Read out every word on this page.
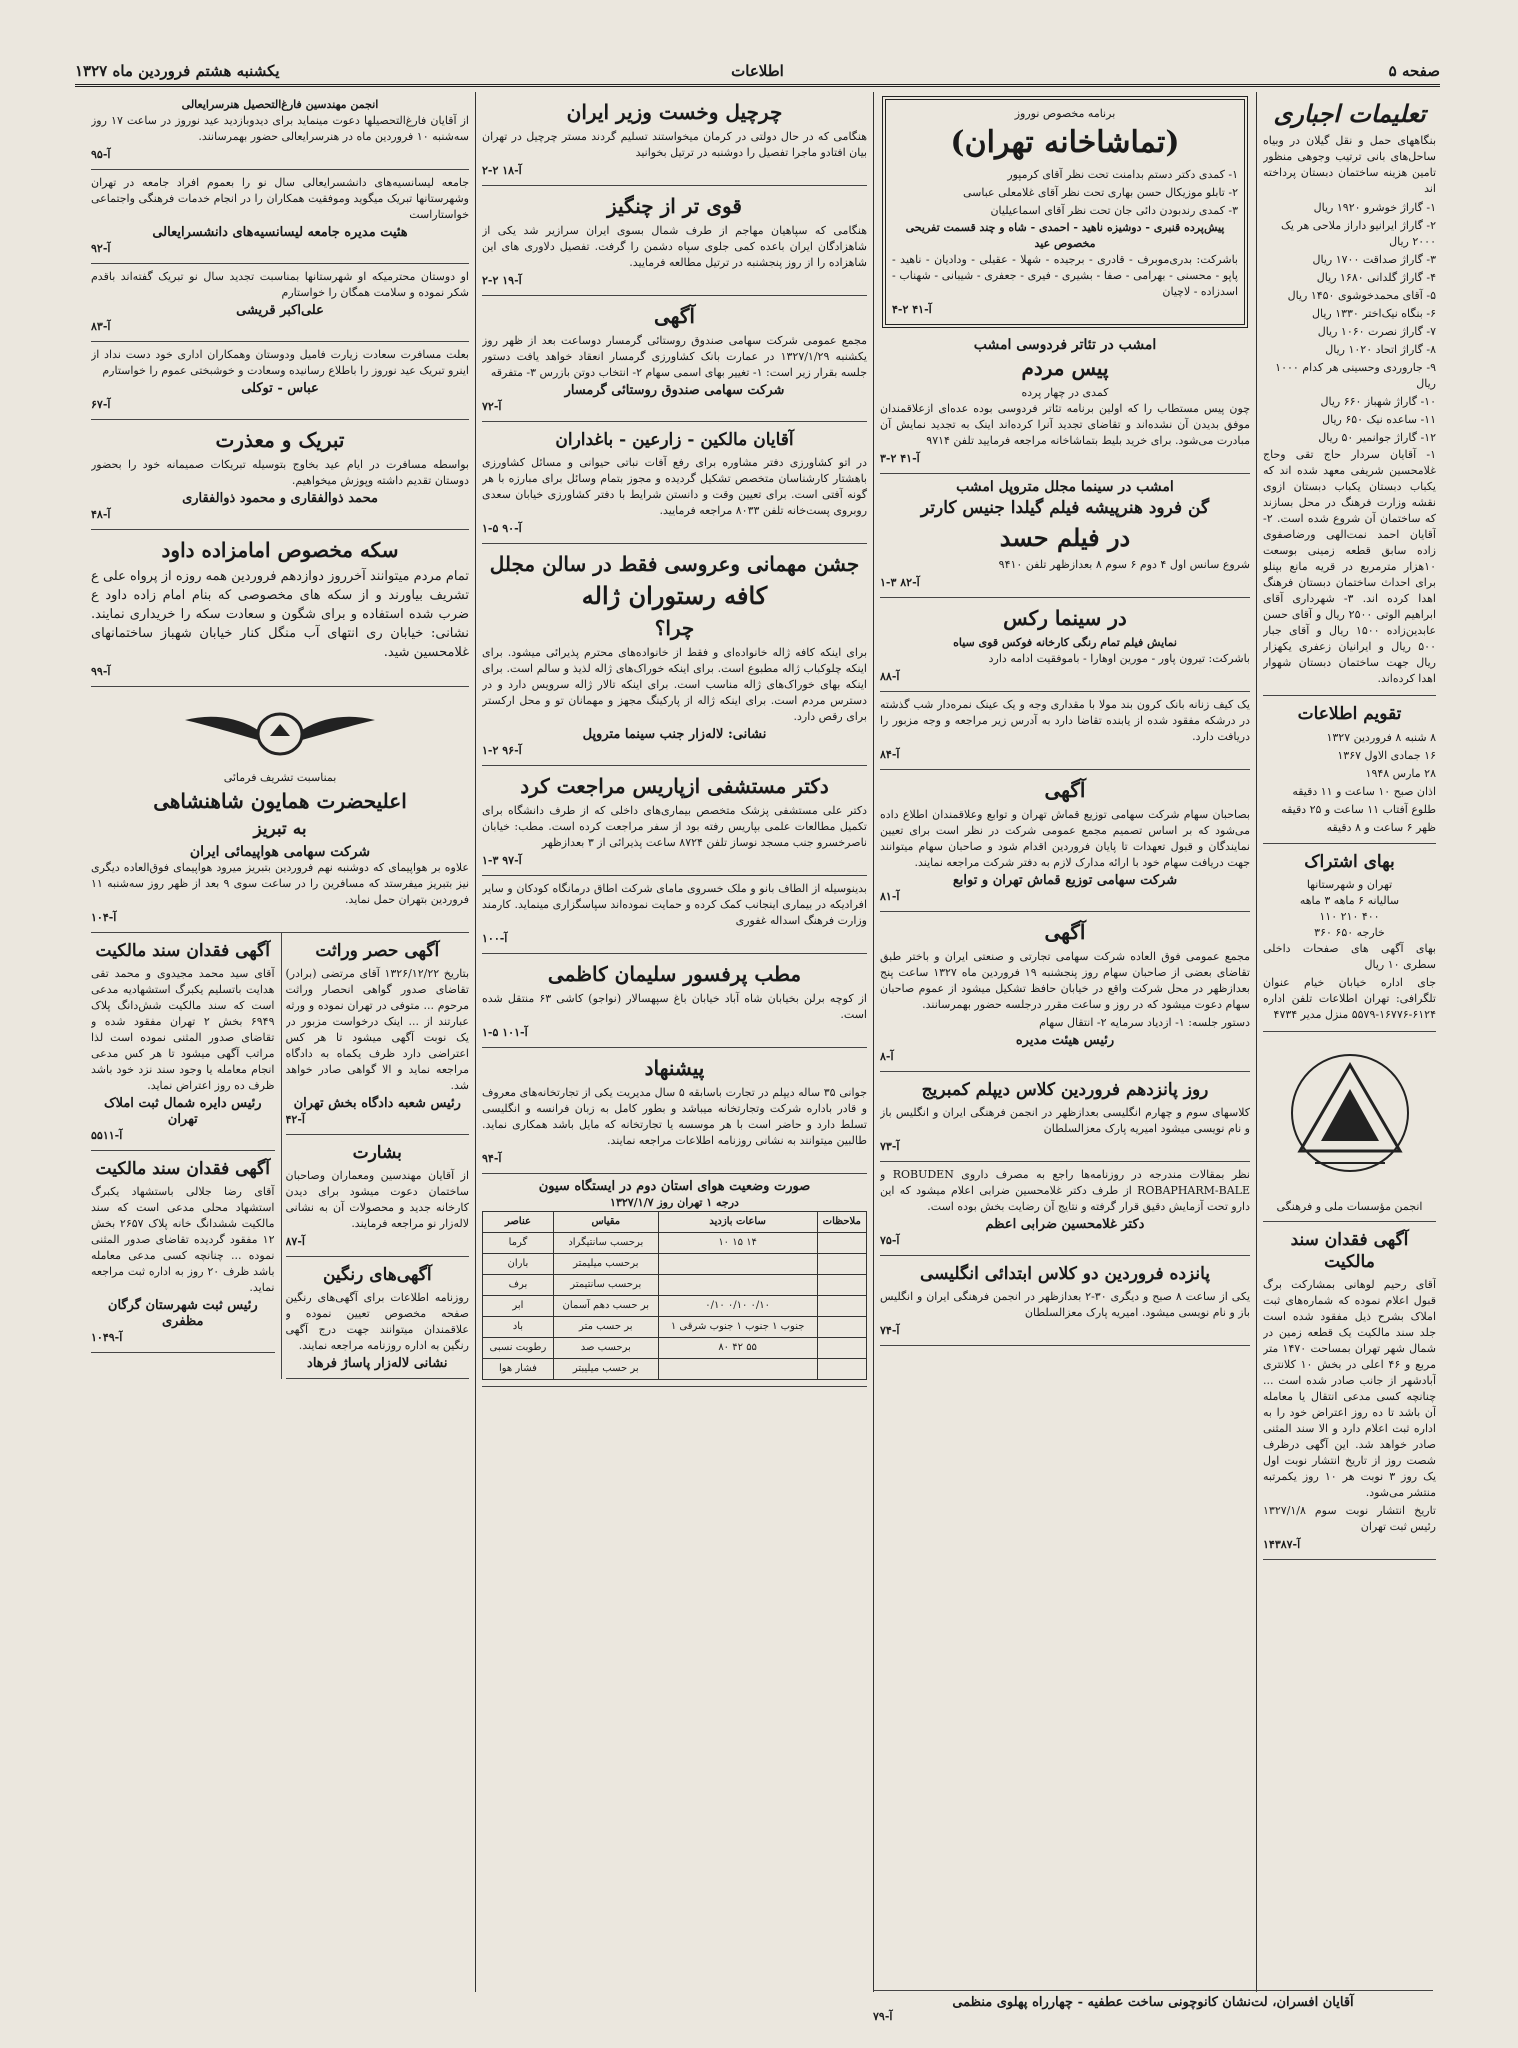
صفحه ۵
اطلاعات
یکشنبه هشتم فروردین ماه ۱۳۲۷
تعلیمات اجباری

بنگاههای حمل و نقل گیلان در وبیاه ساحل‌های بانی ترتیب وجوهی منظور تامین هزینه ساختمان دبستان پرداخته اند

۱- گاراژ خوشرو ۱۹۲۰ ریال
۲- گاراژ ایرانیو داراز ملاحی هر یک ۲۰۰۰ ریال
۳- گاراژ صداقت ۱۷۰۰ ریال
۴- گاراژ گلدانی ۱۶۸۰ ریال
۵- آقای محمدخوشوی ۱۴۵۰ ریال
۶- بنگاه نیک‌اختر ۱۳۳۰ ریال
۷- گاراژ نصرت ۱۰۶۰ ریال
۸- گاراژ اتحاد ۱۰۲۰ ریال
۹- جاروردی وحسینی هر کدام ۱۰۰۰ ریال
۱۰- گاراژ شهباز ۶۶۰ ریال
۱۱- ساعده نیک ۶۵۰ ریال
۱۲- گاراژ جوانمیر ۵۰ ریال

۱- آقایان سردار حاج تقی وحاج غلامحسین شریفی معهد شده اند که یکباب دبستان یکباب دبستان ازوی نقشه وزارت فرهنگ در محل بسازند که ساختمان آن شروع شده است. ۲- آقایان احمد نمت‌الهی ورضاصفوی زاده سابق قطعه زمینی بوسعت ۱۰هزار مترمربع در قریه مانع بپنلو برای احداث ساختمان دبستان فرهنگ اهدا کرده اند. ۳- شهرداری آقای ابراهیم الوتی ۲۵۰۰ ریال و آقای حسن عابدین‌زاده ۱۵۰۰ ریال و آقای جبار ۵۰۰ ریال و ایرانیان زعفری یکهزار ریال جهت ساختمان دبستان شهوار اهدا کرده‌اند.

تقویم اطلاعات
۸ شنبه ۸ فروردین ۱۳۲۷
۱۶ جمادی الاول ۱۳۶۷
۲۸ مارس ۱۹۴۸
اذان صبح ۱۰ ساعت و ۱۱ دقیقه
طلوع آفتاب ۱۱ ساعت و ۲۵ دقیقه
ظهر ۶ ساعت و ۸ دقیقه
بهای اشتراک
تهران و شهرستانها
سالیانه ۶ ماهه ۳ ماهه
۴۰۰ ۲۱۰ ۱۱۰
خارجه ۶۵۰ ۳۶۰

بهای آگهی های صفحات داخلی سطری ۱۰ ریال

جای اداره خیابان خیام عنوان تلگرافی: تهران اطلاعات تلفن اداره ۶۱۲۴-۱۶۷۷۶-۵۵۷۹ منزل مدیر ۴۷۳۴

انجمن مؤسسات ملی و فرهنگی
آگهی فقدان سند مالکیت

آقای رحیم لوهانی بمشارکت برگ قبول اعلام نموده که شماره‌های ثبت املاک بشرح ذیل مفقود شده است جلد سند مالکیت یک قطعه زمین در شمال شهر تهران بمساحت ۱۴۷۰ متر مربع و ۴۶ اعلی در بخش ۱۰ کلانتری آبادشهر از جانب صادر شده است ... چنانچه کسی مدعی انتقال یا معامله آن باشد تا ده روز اعتراض خود را به اداره ثبت اعلام دارد و الا سند المثنی صادر خواهد شد. این آگهی درظرف شصت روز از تاریخ انتشار نوبت اول یک روز ۳ نوبت هر ۱۰ روز یکمرتبه منتشر می‌شود.

تاریخ انتشار نوبت سوم ۱۳۲۷/۱/۸ رئیس ثبت تهران

آ-۱۴۳۸۷
برنامه مخصوص نوروز
(تماشاخانه تهران)
۱- کمدی دکتر دستم بدامنت تحت نظر آقای کرمپور
۲- تابلو موزیکال حسن بهاری تحت نظر آقای غلامعلی عباسی
۳- کمدی رندبودن دائی جان تحت نظر آقای اسماعیلیان
پیش‌پرده قنبری - دوشیزه ناهید - احمدی - شاه و چند قسمت تفریحی مخصوص عید

باشرکت: بدری‌موبرف - قادری - برجیده - شهلا - عقیلی - ودادیان - ناهید - پاپو - محسنی - بهرامی - صفا - بشیری - فیری - جعفری - شیبانی - شهناب - اسدزاده - لاچیان

آ-۴۱ ۲-۴
امشب در تئاتر فردوسی امشب
پیس مردم
کمدی در چهار پرده

چون پیس مستطاب را که اولین برنامه تئاتر فردوسی بوده عده‌ای ازعلاقمندان موفق بدیدن آن نشده‌اند و تقاضای تجدید آنرا کرده‌اند اینک به تجدید نمایش آن مبادرت می‌شود. برای خرید بلیط بتماشاخانه مراجعه فرمایید تلفن ۹۷۱۴

آ-۴۱ ۲-۳
امشب در سینما مجلل متروپل امشب
گن فرود هنرپیشه فیلم گیلدا جنیس کارتر
در فیلم حسد

شروع سانس اول ۴ دوم ۶ سوم ۸ بعدازظهر تلفن ۹۴۱۰

آ-۸۲ ۳-۱
در سینما رکس
نمایش فیلم تمام رنگی کارخانه فوکس قوی سیاه

باشرکت: تیرون پاور - مورین اوهارا - باموفقیت ادامه دارد

آ-۸۸

یک کیف زنانه بانک کرون بند مولا با مقداری وجه و یک عینک نمره‌دار شب گذشته در درشکه مفقود شده از یابنده تقاضا دارد به آدرس زیر مراجعه و وجه مزبور را دریافت دارد.

آ-۸۴
آگهی

بصاحبان سهام شرکت سهامی توزیع قماش تهران و توابع وعلاقمندان اطلاع داده می‌شود که بر اساس تصمیم مجمع عمومی شرکت در نظر است برای تعیین نمایندگان و قبول تعهدات تا پایان فروردین اقدام شود و صاحبان سهام میتوانند جهت دریافت سهام خود با ارائه مدارک لازم به دفتر شرکت مراجعه نمایند.

شرکت سهامی توزیع قماش تهران و توابع
آ-۸۱
آگهی

مجمع عمومی فوق العاده شرکت سهامی تجارتی و صنعتی ایران و باختر طبق تقاضای بعضی از صاحبان سهام روز پنجشنبه ۱۹ فروردین ماه ۱۳۲۷ ساعت پنج بعدازظهر در محل شرکت واقع در خیابان حافظ تشکیل میشود از عموم صاحبان سهام دعوت میشود که در روز و ساعت مقرر درجلسه حضور بهمرسانند.

دستور جلسه: ۱- ازدیاد سرمایه ۲- انتقال سهام

رئیس هیئت مدیره
آ-۸
روز پانزدهم فروردین کلاس دیپلم کمبریج

کلاسهای سوم و چهارم انگلیسی بعدازظهر در انجمن فرهنگی ایران و انگلیس باز و نام نویسی میشود امیریه پارک معزالسلطان

آ-۷۳

نظر بمقالات مندرجه در روزنامه‌ها راجع به مصرف داروی ROBUDEN و ROBAPHARM-BALE از طرف دکتر غلامحسین ضرابی اعلام میشود که این دارو تحت آزمایش دقیق قرار گرفته و نتایج آن رضایت بخش بوده است.

دکتر غلامحسین ضرابی اعظم
آ-۷۵
پانزده فروردین دو کلاس ابتدائی انگلیسی

یکی از ساعت ۸ صبح و دیگری ۳۰-۲ بعدازظهر در انجمن فرهنگی ایران و انگلیس باز و نام نویسی میشود. امیریه پارک معزالسلطان

آ-۷۴
چرچیل وخست وزیر ایران

هنگامی که در حال دولتی در کرمان میخواستند تسلیم گردند مستر چرچیل در تهران بیان افتادو ماجرا تفصیل را دوشنبه در ترتیل بخوانید

آ-۱۸ ۲-۲
قوی تر از چنگیز

هنگامی که سپاهیان مهاجم از طرف شمال بسوی ایران سرازیر شد یکی از شاهزادگان ایران باعده کمی جلوی سپاه دشمن را گرفت. تفصیل دلاوری های این شاهزاده را از روز پنجشنبه در ترتیل مطالعه فرمایید.

آ-۱۹ ۲-۲
آگهی

مجمع عمومی شرکت سهامی صندوق روستائی گرمسار دوساعت بعد از ظهر روز یکشنبه ۱۳۲۷/۱/۲۹ در عمارت بانک کشاورزی گرمسار انعقاد خواهد یافت دستور جلسه بقرار زیر است: ۱- تغییر بهای اسمی سهام ۲- انتخاب دوتن بازرس ۳- متفرقه

شرکت سهامی صندوق روستائی گرمسار
آ-۷۲
آقایان مالکین - زارعین - باغداران

در اتو کشاورزی دفتر مشاوره برای رفع آفات نباتی حیوانی و مسائل کشاورزی باهشتار کارشناسان متخصص تشکیل گردیده و مجوز بتمام وسائل برای مبارزه با هر گونه آفتی است. برای تعیین وقت و دانستن شرایط با دفتر کشاورزی خیابان سعدی روبروی پست‌خانه تلفن ۸۰۳۳ مراجعه فرمایید.

آ-۹۰ ۵-۱
جشن مهمانی وعروسی فقط در سالن مجلل
کافه رستوران ژاله
چرا؟

برای اینکه کافه ژاله خانواده‌ای و فقط از خانواده‌های محترم پذیرائی میشود. برای اینکه چلوکباب ژاله مطبوع است. برای اینکه خوراک‌های ژاله لذیذ و سالم است. برای اینکه بهای خوراک‌های ژاله مناسب است. برای اینکه تالار ژاله سرویس دارد و در دسترس مردم است. برای اینکه ژاله از پارکینگ مجهز و مهمانان تو و محل ارکستر برای رقص دارد.

نشانی: لاله‌زار جنب سینما متروپل
آ-۹۶ ۲-۱
دکتر مستشفی ازپاریس مراجعت کرد

دکتر علی مستشفی پزشک متخصص بیماری‌های داخلی که از طرف دانشگاه برای تکمیل مطالعات علمی بپاریس رفته بود از سفر مراجعت کرده است. مطب: خیابان ناصرخسرو جنب مسجد نوساز تلفن ۸۷۲۴ ساعت پذیرائی از ۳ بعدازظهر

آ-۹۷ ۳-۱

بدینوسیله از الطاف بانو و ملک خسروی مامای شرکت اطاق درمانگاه کودکان و سایر افرادیکه در بیماری اینجانب کمک کرده و حمایت نموده‌اند سپاسگزاری مینماید. کارمند وزارت فرهنگ اسداله غفوری

آ-۱۰۰
مطب پرفسور سلیمان کاظمی

از کوچه برلن بخیابان شاه آباد خیابان باغ سپهسالار (نواجو) کاشی ۶۳ منتقل شده است.

آ-۱۰۱ ۵-۱
پیشنهاد

جوانی ۳۵ ساله دیپلم در تجارت باسابقه ۵ سال مدیریت یکی از تجارتخانه‌های معروف و قادر باداره شرکت وتجارتخانه میباشد و بطور کامل به زبان فرانسه و انگلیسی تسلط دارد و حاضر است با هر موسسه یا تجارتخانه که مایل باشد همکاری نماید. طالبین میتوانند به نشانی روزنامه اطلاعات مراجعه نمایند.

آ-۹۴
صورت وضعیت هوای استان دوم در ایستگاه سیون
درجه ۱ تهران روز ۱۳۲۷/۱/۷
ملاحظات	ساعات بازدید	مقیاس	عناصر
	۱۴ ۱۵ ۱۰	برحسب سانتیگراد	گرما
		برحسب میلیمتر	باران
		برحسب سانتیمتر	برف
	۰/۱۰ ۰/۱۰ ۰/۱۰	بر حسب دهم آسمان	ابر
	جنوب ۱ جنوب ۱ جنوب شرقی ۱	بر حسب متر	باد
	۵۵ ۴۲ ۸۰	برحسب صد	رطوبت نسبی
		بر حسب میلیبتر	فشار هوا
انجمن مهندسین فارغ‌التحصیل هنرسرایعالی

از آقایان فارغ‌التحصیلها دعوت مینماید برای دیدوبازدید عید نوروز در ساعت ۱۷ روز سه‌شنبه ۱۰ فروردین ماه در هنرسرایعالی حضور بهمرسانند.

آ-۹۵

جامعه لیسانسیه‌های دانشسرایعالی سال نو را بعموم افراد جامعه در تهران وشهرستانها تبریک میگوید وموفقیت همکاران را در انجام خدمات فرهنگی واجتماعی خواستاراست

هئیت مدیره جامعه لیسانسیه‌های دانشسرایعالی
آ-۹۲

او دوستان محترمیکه او شهرستانها بمناسبت تجدید سال نو تبریک گفته‌اند باقدم شکر نموده و سلامت همگان را خواستارم

علی‌اکبر قریشی
آ-۸۳

بعلت مسافرت سعادت زیارت فامیل ودوستان وهمکاران اداری خود دست نداد از اینرو تبریک عید نوروز را باطلاع رسانیده وسعادت و خوشبختی عموم را خواستارم

عباس - توکلی
آ-۶۷
تبریک و معذرت

بواسطه مسافرت در ایام عید بخاوج بتوسیله تبریکات صمیمانه خود را بحضور دوستان تقدیم داشته وپوزش میخواهیم.

محمد ذوالفقاری و محمود ذوالفقاری
آ-۴۸
سکه مخصوص امامزاده داود

تمام مردم میتوانند آخرروز دوازدهم فروردین همه روزه از پرواه علی ع تشریف بیاورند و از سکه های مخصوصی که بنام امام زاده داود ع ضرب شده استفاده و برای شگون و سعادت سکه را خریداری نمایند. نشانی: خیابان ری انتهای آب منگل کنار خیابان شهباز ساختمانهای غلامحسین شید.

آ-۹۹
بمناسبت تشریف فرمائی
اعلیحضرت همایون شاهنشاهی
به تبریز
شرکت سهامی هواپیمائی ایران

علاوه بر هواپیمای که دوشنبه نهم فروردین بتبریز میرود هواپیمای فوق‌العاده دیگری نیز بتبریز میفرستد که مسافرین را در ساعت سوی ۹ بعد از ظهر روز سه‌شنبه ۱۱ فروردین بتهران حمل نماید.

آ-۱۰۴
آگهی حصر وراثت

بتاریخ ۱۳۲۶/۱۲/۲۲ آقای مرتضی (برادر) تقاضای صدور گواهی انحصار وراثت مرحوم ... متوفی در تهران نموده و ورثه عبارتند از ... اینک درخواست مزبور در یک نوبت آگهی میشود تا هر کس اعتراضی دارد ظرف یکماه به دادگاه مراجعه نماید و الا گواهی صادر خواهد شد.

رئیس شعبه دادگاه بخش تهران
آ-۴۲
بشارت

از آقایان مهندسین ومعماران وصاحبان ساختمان دعوت میشود برای دیدن کارخانه جدید و محصولات آن به نشانی لاله‌زار نو مراجعه فرمایند.

آ-۸۷
آگهی‌های رنگین

روزنامه اطلاعات برای آگهی‌های رنگین صفحه مخصوص تعیین نموده و علاقمندان میتوانند جهت درج آگهی رنگین به اداره روزنامه مراجعه نمایند.

نشانی لاله‌زار پاساژ فرهاد
آگهی فقدان سند مالکیت

آقای سید محمد مجیدوی و محمد تقی هدایت باتسلیم یکبرگ استشهادیه مدعی است که سند مالکیت شش‌دانگ پلاک ۶۹۴۹ بخش ۲ تهران مفقود شده و تقاضای صدور المثنی نموده است لذا مراتب آگهی میشود تا هر کس مدعی انجام معامله یا وجود سند نزد خود باشد ظرف ده روز اعتراض نماید.

رئیس دایره شمال ثبت املاک تهران
آ-۵۵۱۱
آگهی فقدان سند مالکیت

آقای رضا جلالی باستشهاد یکبرگ استشهاد محلی مدعی است که سند مالکیت ششدانگ خانه پلاک ۲۶۵۷ بخش ۱۲ مفقود گردیده تقاضای صدور المثنی نموده ... چنانچه کسی مدعی معامله باشد ظرف ۲۰ روز به اداره ثبت مراجعه نماید.

رئیس ثبت شهرستان گرگان مظفری
آ-۱۰۴۹
آقایان افسران، لت‌نشان کانوچونی ساخت عطفیه - چهارراه پهلوی منظمی
آ-۷۹
